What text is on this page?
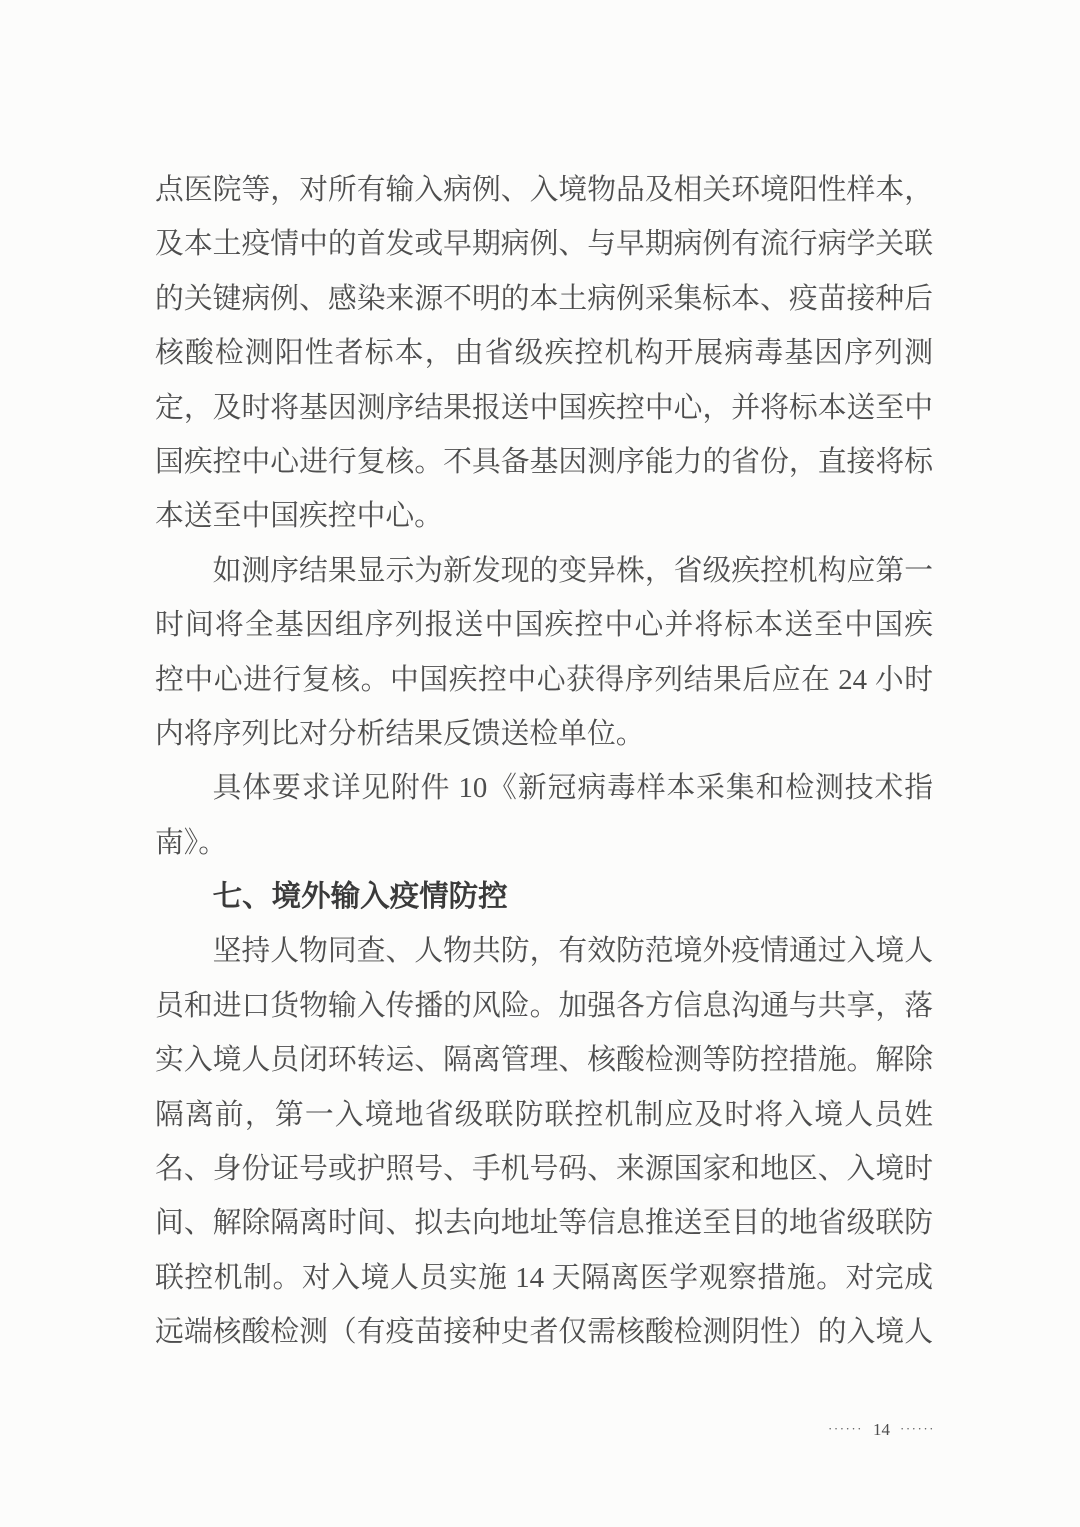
点医院等，对所有输入病例、入境物品及相关环境阳性样本，
及本土疫情中的首发或早期病例、与早期病例有流行病学关联
的关键病例、感染来源不明的本土病例采集标本、疫苗接种后
核酸检测阳性者标本，由省级疾控机构开展病毒基因序列测
定，及时将基因测序结果报送中国疾控中心，并将标本送至中
国疾控中心进行复核。不具备基因测序能力的省份，直接将标
本送至中国疾控中心。
如测序结果显示为新发现的变异株，省级疾控机构应第一
时间将全基因组序列报送中国疾控中心并将标本送至中国疾
控中心进行复核。中国疾控中心获得序列结果后应在 24 小时
内将序列比对分析结果反馈送检单位。
具体要求详见附件 10《新冠病毒样本采集和检测技术指
南》。
七、境外输入疫情防控
坚持人物同查、人物共防，有效防范境外疫情通过入境人
员和进口货物输入传播的风险。加强各方信息沟通与共享，落
实入境人员闭环转运、隔离管理、核酸检测等防控措施。解除
隔离前，第一入境地省级联防联控机制应及时将入境人员姓
名、身份证号或护照号、手机号码、来源国家和地区、入境时
间、解除隔离时间、拟去向地址等信息推送至目的地省级联防
联控机制。对入境人员实施 14 天隔离医学观察措施。对完成
远端核酸检测（有疫苗接种史者仅需核酸检测阴性）的入境人
······ 14 ······
